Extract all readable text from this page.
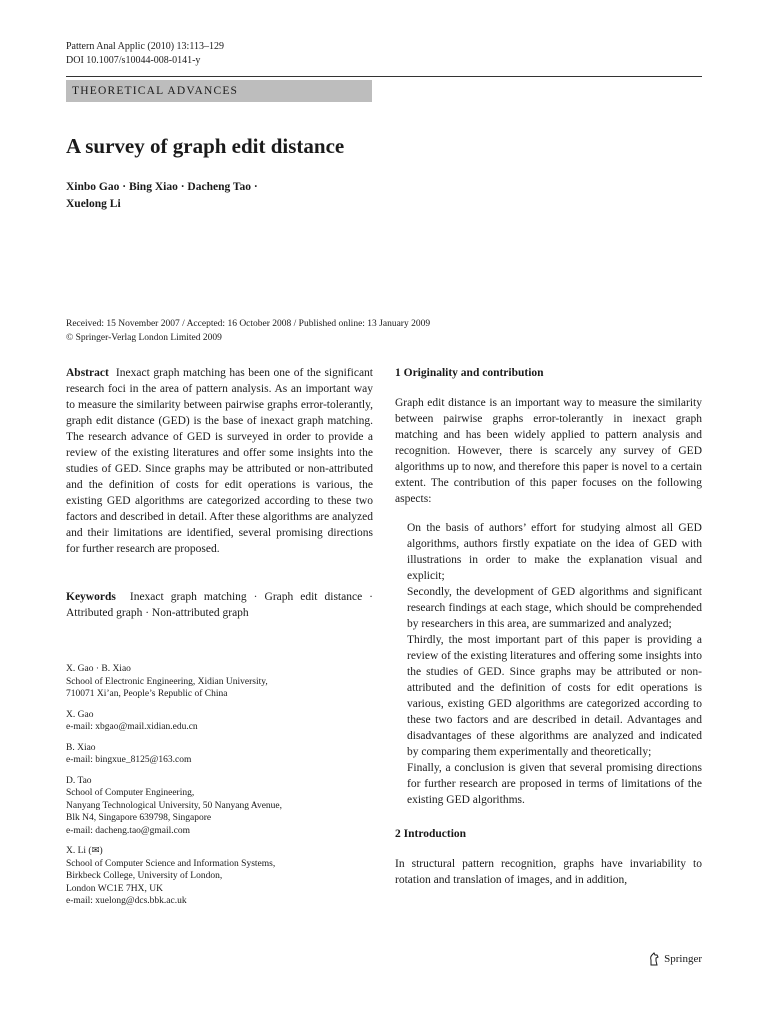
Pattern Anal Applic (2010) 13:113–129
DOI 10.1007/s10044-008-0141-y
THEORETICAL ADVANCES
A survey of graph edit distance
Xinbo Gao · Bing Xiao · Dacheng Tao ·
Xuelong Li
Received: 15 November 2007 / Accepted: 16 October 2008 / Published online: 13 January 2009
© Springer-Verlag London Limited 2009

Abstract Inexact graph matching has been one of the significant research foci in the area of pattern analysis. As an important way to measure the similarity between pairwise graphs error-tolerantly, graph edit distance (GED) is the base of inexact graph matching. The research advance of GED is surveyed in order to provide a review of the existing literatures and offer some insights into the studies of GED. Since graphs may be attributed or non-attributed and the definition of costs for edit operations is various, the existing GED algorithms are categorized according to these two factors and described in detail. After these algorithms are analyzed and their limitations are identified, several promising directions for further research are proposed.

Keywords Inexact graph matching · Graph edit distance · Attributed graph · Non-attributed graph

X. Gao · B. Xiao
School of Electronic Engineering, Xidian University,
710071 Xi’an, People’s Republic of China
X. Gao
e-mail: xbgao@mail.xidian.edu.cn
B. Xiao
e-mail: bingxue_8125@163.com
D. Tao
School of Computer Engineering,
Nanyang Technological University, 50 Nanyang Avenue,
Blk N4, Singapore 639798, Singapore
e-mail: dacheng.tao@gmail.com
X. Li (✉)
School of Computer Science and Information Systems,
Birkbeck College, University of London,
London WC1E 7HX, UK
e-mail: xuelong@dcs.bbk.ac.uk
1 Originality and contribution

Graph edit distance is an important way to measure the similarity between pairwise graphs error-tolerantly in inexact graph matching and has been widely applied to pattern analysis and recognition. However, there is scarcely any survey of GED algorithms up to now, and therefore this paper is novel to a certain extent. The contribution of this paper focuses on the following aspects:

On the basis of authors’ effort for studying almost all GED algorithms, authors firstly expatiate on the idea of GED with illustrations in order to make the explanation visual and explicit;
Secondly, the development of GED algorithms and significant research findings at each stage, which should be comprehended by researchers in this area, are summarized and analyzed;
Thirdly, the most important part of this paper is providing a review of the existing literatures and offering some insights into the studies of GED. Since graphs may be attributed or non-attributed and the definition of costs for edit operations is various, existing GED algorithms are categorized according to these two factors and are described in detail. Advantages and disadvantages of these algorithms are analyzed and indicated by comparing them experimentally and theoretically;
Finally, a conclusion is given that several promising directions for further research are proposed in terms of limitations of the existing GED algorithms.
2 Introduction

In structural pattern recognition, graphs have invariability to rotation and translation of images, and in addition,

Springer
